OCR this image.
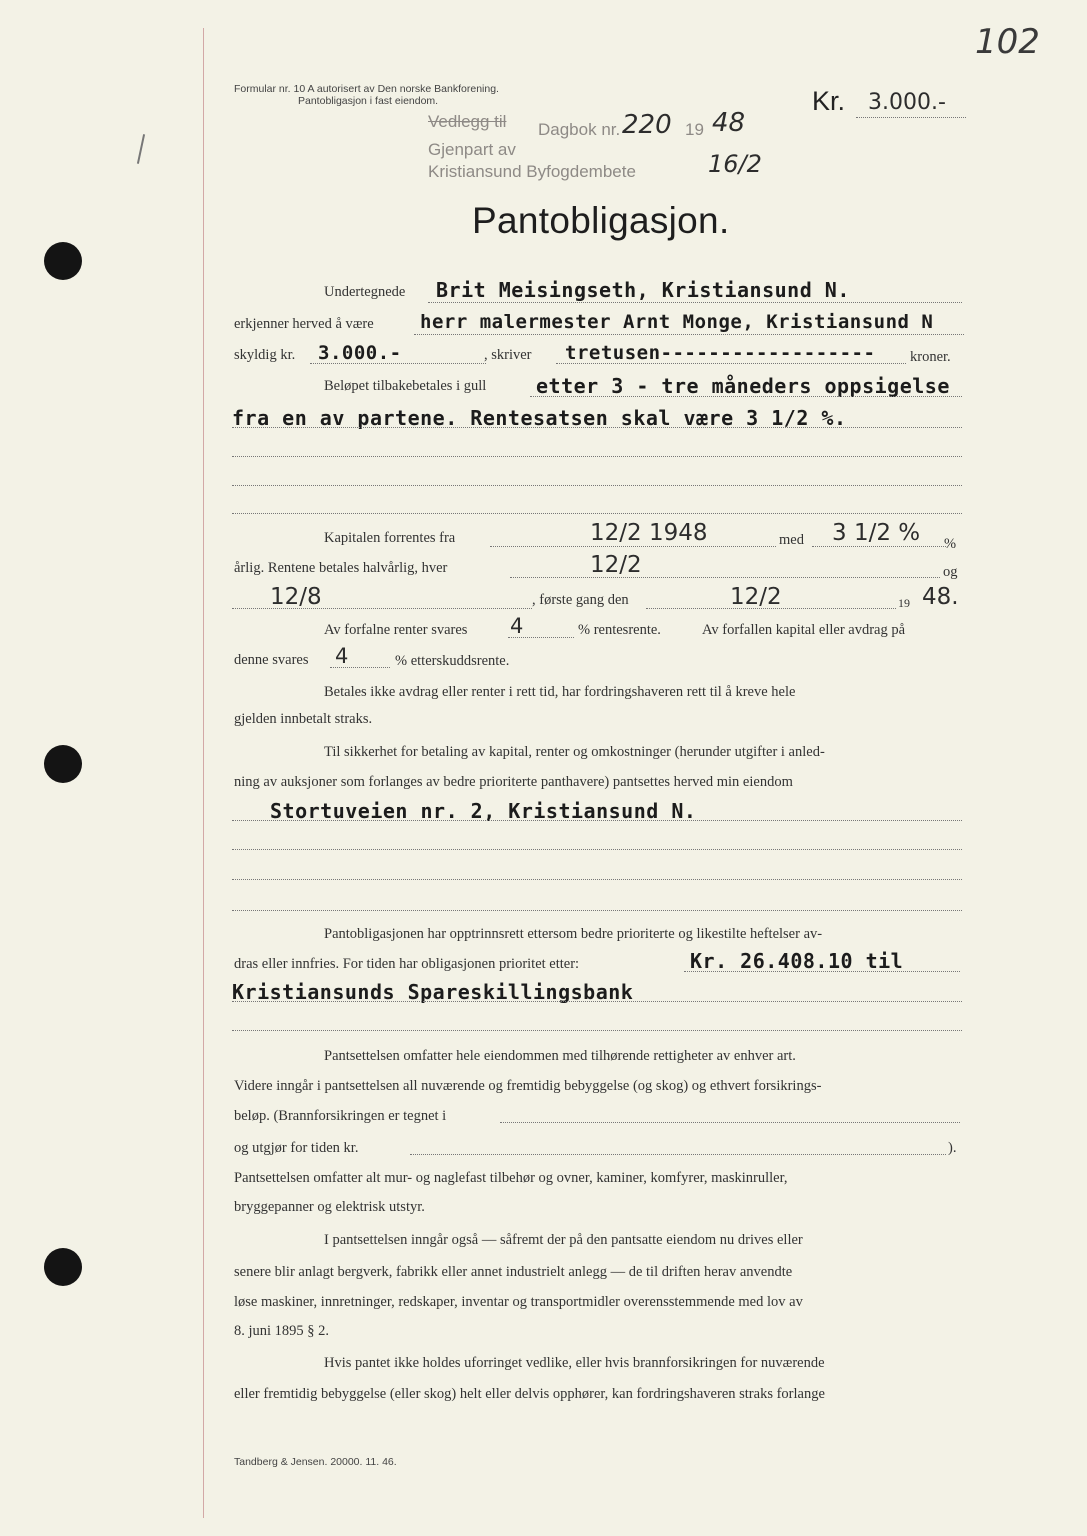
102
Formular nr. 10 A autorisert av Den norske Bankforening.
Pantobligasjon i fast eiendom.	Kr. 3.000.-
Vedlegg til Dagbok nr. 220 19 48
Gjenpart av
Kristiansund Byfogdembete	16/2
Pantobligasjon.
Undertegnede Brit Meisingseth, Kristiansund N.
erkjenner herved å være herr malermester Arnt Monge, Kristiansund N
skyldig kr. 3.000.-	, skriver tretusen------------------ kroner.
Beløpet tilbakebetales i gull etter 3 - tre måneders oppsigelse
fra en av partene. Rentesatsen skal være 3 1/2 %.
Kapitalen forrentes fra	12/2 1948	med 3 1/2 % %
årlig. Rentene betales halvårlig, hver	12/2	og
12/8	, første gang den	12/2	19 48.
Av forfalne renter svares 4	% rentesrente.	Av forfallen kapital eller avdrag på
denne svares 4	% etterskuddsrente.
Betales ikke avdrag eller renter i rett tid, har fordringshaveren rett til å kreve hele
gjelden innbetalt straks.
Til sikkerhet for betaling av kapital, renter og omkostninger (herunder utgifter i anled-
ning av auksjoner som forlanges av bedre prioriterte panthavere) pantsettes herved min eiendom
Stortuveien nr. 2, Kristiansund N.
Pantobligasjonen har opptrinnsrett ettersom bedre prioriterte og likestilte heftelser av-
dras eller innfries. For tiden har obligasjonen prioritet etter:	Kr. 26.408.10 til
Kristiansunds Spareskillingsbank
Pantsettelsen omfatter hele eiendommen med tilhørende rettigheter av enhver art.
Videre inngår i pantsettelsen all nuværende og fremtidig bebyggelse (og skog) og ethvert forsikrings-
beløp. (Brannforsikringen er tegnet i
og utgjør for tiden kr.	).
Pantsettelsen omfatter alt mur- og naglefast tilbehør og ovner, kaminer, komfyrer, maskinruller,
bryggepanner og elektrisk utstyr.
I pantsettelsen inngår også — såfremt der på den pantsatte eiendom nu drives eller
senere blir anlagt bergverk, fabrikk eller annet industrielt anlegg — de til driften herav anvendte
løse maskiner, innretninger, redskaper, inventar og transportmidler overensstemmende med lov av
8. juni 1895 § 2.
Hvis pantet ikke holdes uforringet vedlike, eller hvis brannforsikringen for nuværende
eller fremtidig bebyggelse (eller skog) helt eller delvis opphører, kan fordringshaveren straks forlange
Tandberg & Jensen. 20000. 11. 46.
